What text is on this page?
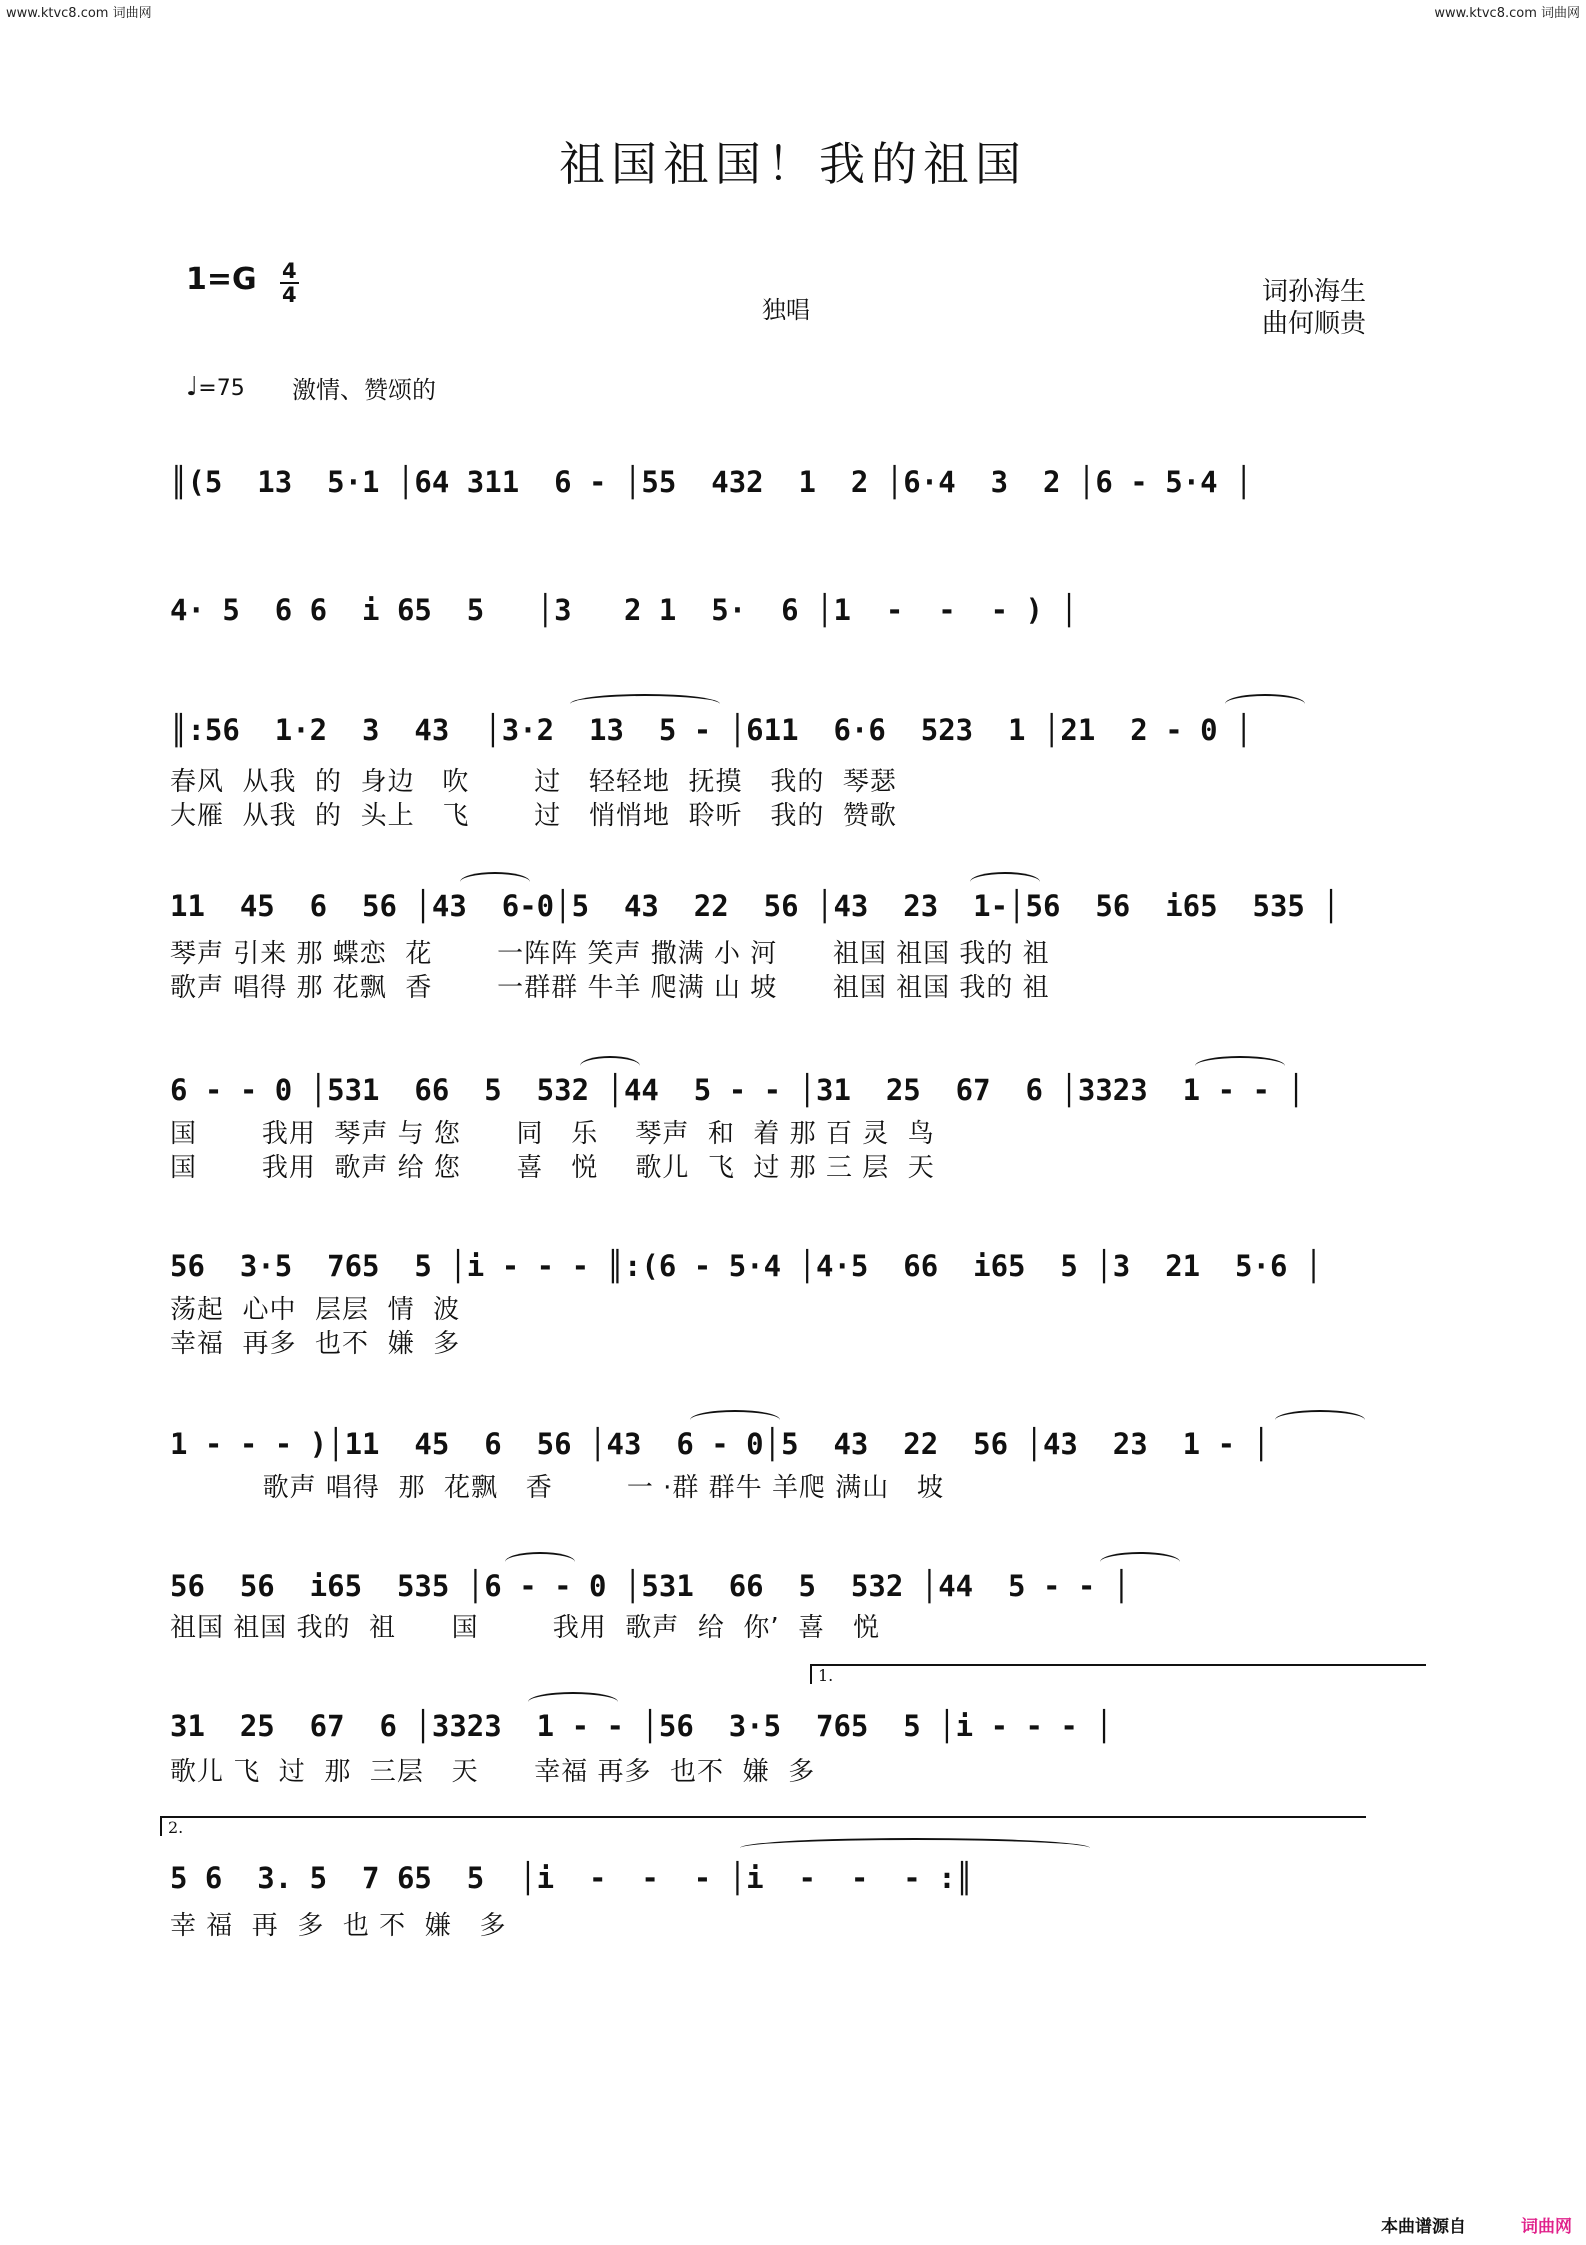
www.ktvc8.com 词曲网	www.ktvc8.com 词曲网
祖国祖国！我的祖国
1=G 4
4
独唱
词孙海生
曲何顺贵
♩=75 激情、赞颂的
║(5  13  5·1 │64 311  6 - │55  432  1  2 │6·4  3  2 │6 - 5·4 │
4· 5  6 6  i 65  5   │3   2 1  5·  6 │1  -  -  - ) │
║:56  1·2  3  43  │3·2  13  5 - │611  6·6  523  1 │21  2 - 0 │
春风  从我  的  身边   吹       过   轻轻地  抚摸   我的  琴瑟
大雁  从我  的  头上   飞       过   悄悄地  聆听   我的  赞歌
11  45  6  56 │43  6-0│5  43  22  56 │43  23  1-│56  56  i65  535 │
琴声 引来 那 蝶恋  花       一阵阵 笑声 撒满 小 河      祖国 祖国 我的 祖
歌声 唱得 那 花飘  香       一群群 牛羊 爬满 山 坡      祖国 祖国 我的 祖
6 - - 0 │531  66  5  532 │44  5 - - │31  25  67  6 │3323  1 - - │
国       我用  琴声 与 您      同   乐    琴声  和  着 那 百 灵  鸟
国       我用  歌声 给 您      喜   悦    歌儿  飞  过 那 三 层  天
56  3·5  765  5 │i - - - ║:(6 - 5·4 │4·5  66  i65  5 │3  21  5·6 │
荡起  心中  层层  情  波
幸福  再多  也不  嫌  多
1 - - - )│11  45  6  56 │43  6 - 0│5  43  22  56 │43  23  1 - │
歌声 唱得  那  花飘   香        一 ·群 群牛 羊爬 满山   坡
56  56  i65  535 │6 - - 0 │531  66  5  532 │44  5 - - │
祖国 祖国 我的  祖      国        我用  歌声  给  你’  喜   悦
1.
31  25  67  6 │3323  1 - - │56  3·5  765  5 │i - - - │
歌儿 飞  过  那  三层   天      幸福 再多  也不  嫌  多
2.
5 6  3. 5  7 65  5  │i  -  -  - │i  -  -  - :║
幸 福  再  多  也 不  嫌   多
本曲谱源自	词曲网
